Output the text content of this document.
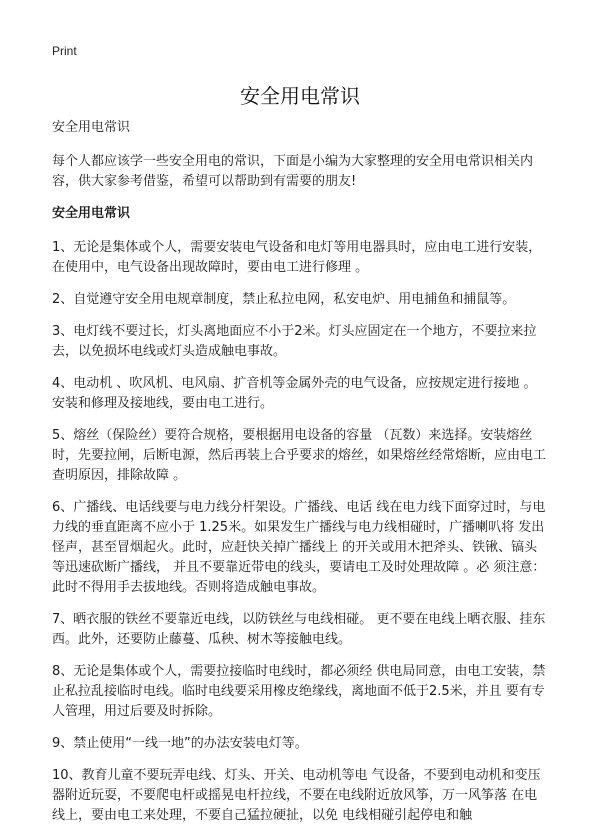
Print
安全用电常识

安全用电常识

每个人都应该学一些安全用电的常识，下面是小编为大家整理的安全用电常识相关内容，供大家参考借鉴，希望可以帮助到有需要的朋友!

安全用电常识

1、无论是集体或个人，需要安装电气设备和电灯等用电器具时，应由电工进行安装，在使用中，电气设备出现故障时，要由电工进行修理 。

2、自觉遵守安全用电规章制度，禁止私拉电网，私安电炉、用电捕鱼和捕鼠等。

3、电灯线不要过长，灯头离地面应不小于2米。灯头应固定在一个地方，不要拉来拉去，以免损坏电线或灯头造成触电事故。

4、电动机 、吹风机、电风扇、扩音机等金属外壳的电气设备，应按规定进行接地 。安装和修理及接地线，要由电工进行。

5、熔丝（保险丝）要符合规格，要根据用电设备的容量 （瓦数）来选择。安装熔丝时，先要拉闸，后断电源，然后再装上合乎要求的熔丝，如果熔丝经常熔断，应由电工查明原因，排除故障 。

6、广播线、电话线要与电力线分杆架设。广播线、电话 线在电力线下面穿过时，与电力线的垂直距离不应小于 1.25米。如果发生广播线与电力线相碰时，广播喇叭将 发出怪声，甚至冒烟起火。此时，应赶快关掉广播线上 的开关或用木把斧头、铁锹、镐头等迅速砍断广播线， 并且不要靠近带电的线头，要请电工及时处理故障 。必 须注意：此时不得用手去拔地线。否则将造成触电事故。

7、晒衣服的铁丝不要靠近电线，以防铁丝与电线相碰。 更不要在电线上晒衣服、挂东西。此外，还要防止藤蔓、瓜秧、树木等接触电线。

8、无论是集体或个人，需要拉接临时电线时，都必须经 供电局同意，由电工安装，禁止私拉乱接临时电线。临时电线要采用橡皮绝缘线，离地面不低于2.5米，并且 要有专人管理，用过后要及时拆除。

9、禁止使用“一线一地”的办法安装电灯等。

10、教育儿童不要玩弄电线、灯头、开关、电动机等电 气设备，不要到电动机和变压器附近玩耍，不要爬电杆或摇晃电杆拉线，不要在电线附近放风筝，万一风筝落 在电线上，要由电工来处理，不要自己猛拉硬扯，以免 电线相碰引起停电和触
